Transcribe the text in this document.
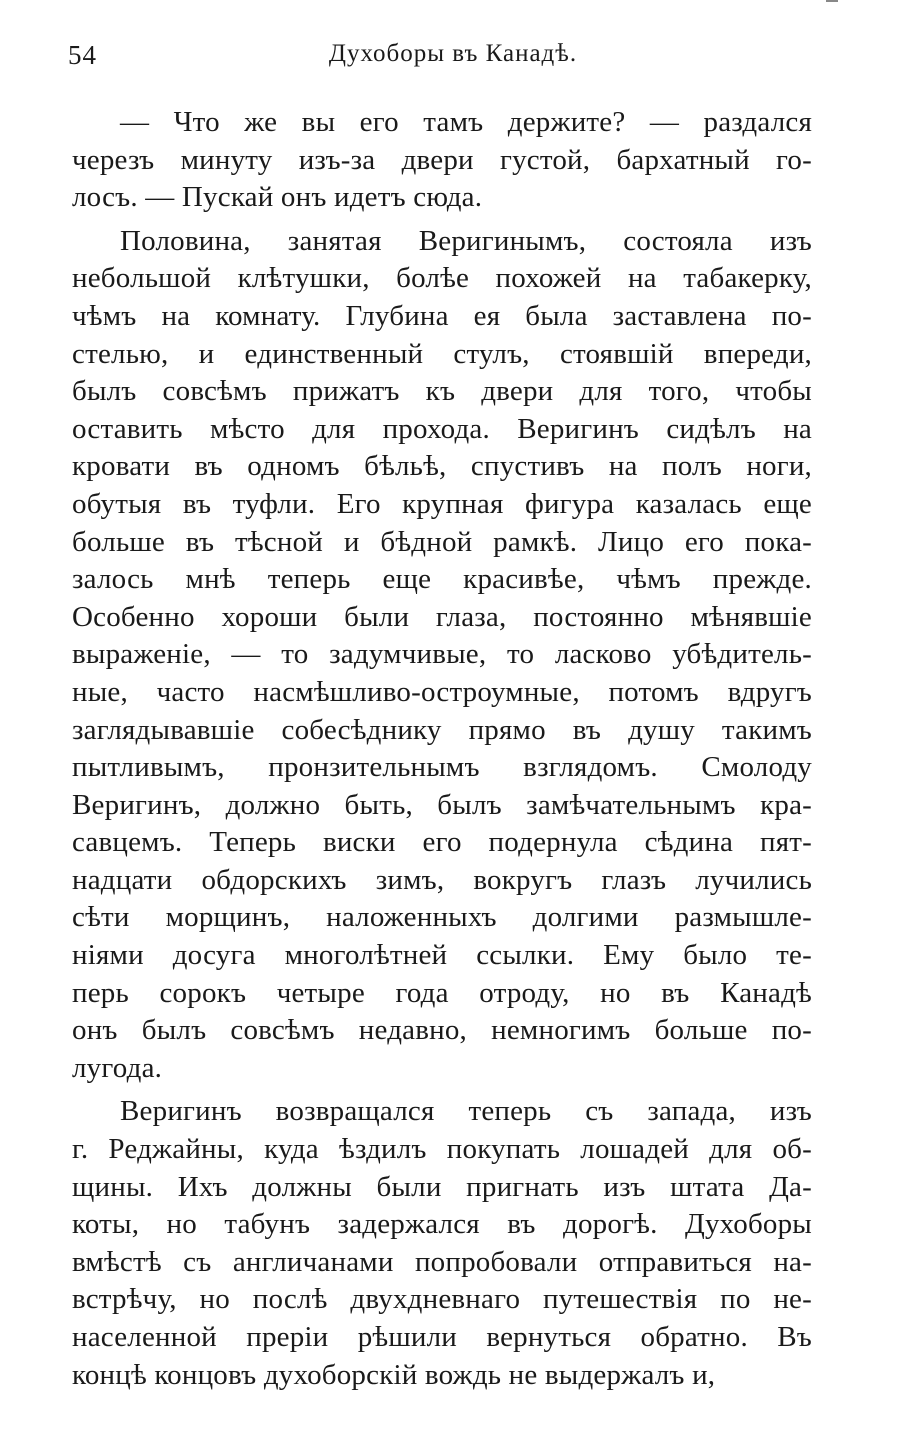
54	Духоборы въ Канадѣ.
— Что же вы его тамъ держите? — раздался
черезъ минуту изъ-за двери густой, бархатный го-
лосъ. — Пускай онъ идетъ сюда.
Половина, занятая Веригинымъ, состояла изъ
небольшой клѣтушки, болѣе похожей на табакерку,
чѣмъ на комнату. Глубина ея была заставлена по-
стелью, и единственный стулъ, стоявшій впереди,
былъ совсѣмъ прижатъ къ двери для того, чтобы
оставить мѣсто для прохода. Веригинъ сидѣлъ на
кровати въ одномъ бѣльѣ, спустивъ на полъ ноги,
обутыя въ туфли. Его крупная фигура казалась еще
больше въ тѣсной и бѣдной рамкѣ. Лицо его пока-
залось мнѣ теперь еще красивѣе, чѣмъ прежде.
Особенно хороши были глаза, постоянно мѣнявшіе
выраженіе, — то задумчивые, то ласково убѣдитель-
ные, часто насмѣшливо-остроумные, потомъ вдругъ
заглядывавшіе собесѣднику прямо въ душу такимъ
пытливымъ, пронзительнымъ взглядомъ. Смолоду
Веригинъ, должно быть, былъ замѣчательнымъ кра-
савцемъ. Теперь виски его подернула сѣдина пят-
надцати обдорскихъ зимъ, вокругъ глазъ лучились
сѣти морщинъ, наложенныхъ долгими размышле-
ніями досуга многолѣтней ссылки. Ему было те-
перь сорокъ четыре года отроду, но въ Канадѣ
онъ былъ совсѣмъ недавно, немногимъ больше по-
лугода.
Веригинъ возвращался теперь съ запада, изъ
г. Реджайны, куда ѣздилъ покупать лошадей для об-
щины. Ихъ должны были пригнать изъ штата Да-
коты, но табунъ задержался въ дорогѣ. Духоборы
вмѣстѣ съ англичанами попробовали отправиться на-
встрѣчу, но послѣ двухдневнаго путешествія по не-
населенной преріи рѣшили вернуться обратно. Въ
концѣ концовъ духоборскій вождь не выдержалъ и,
